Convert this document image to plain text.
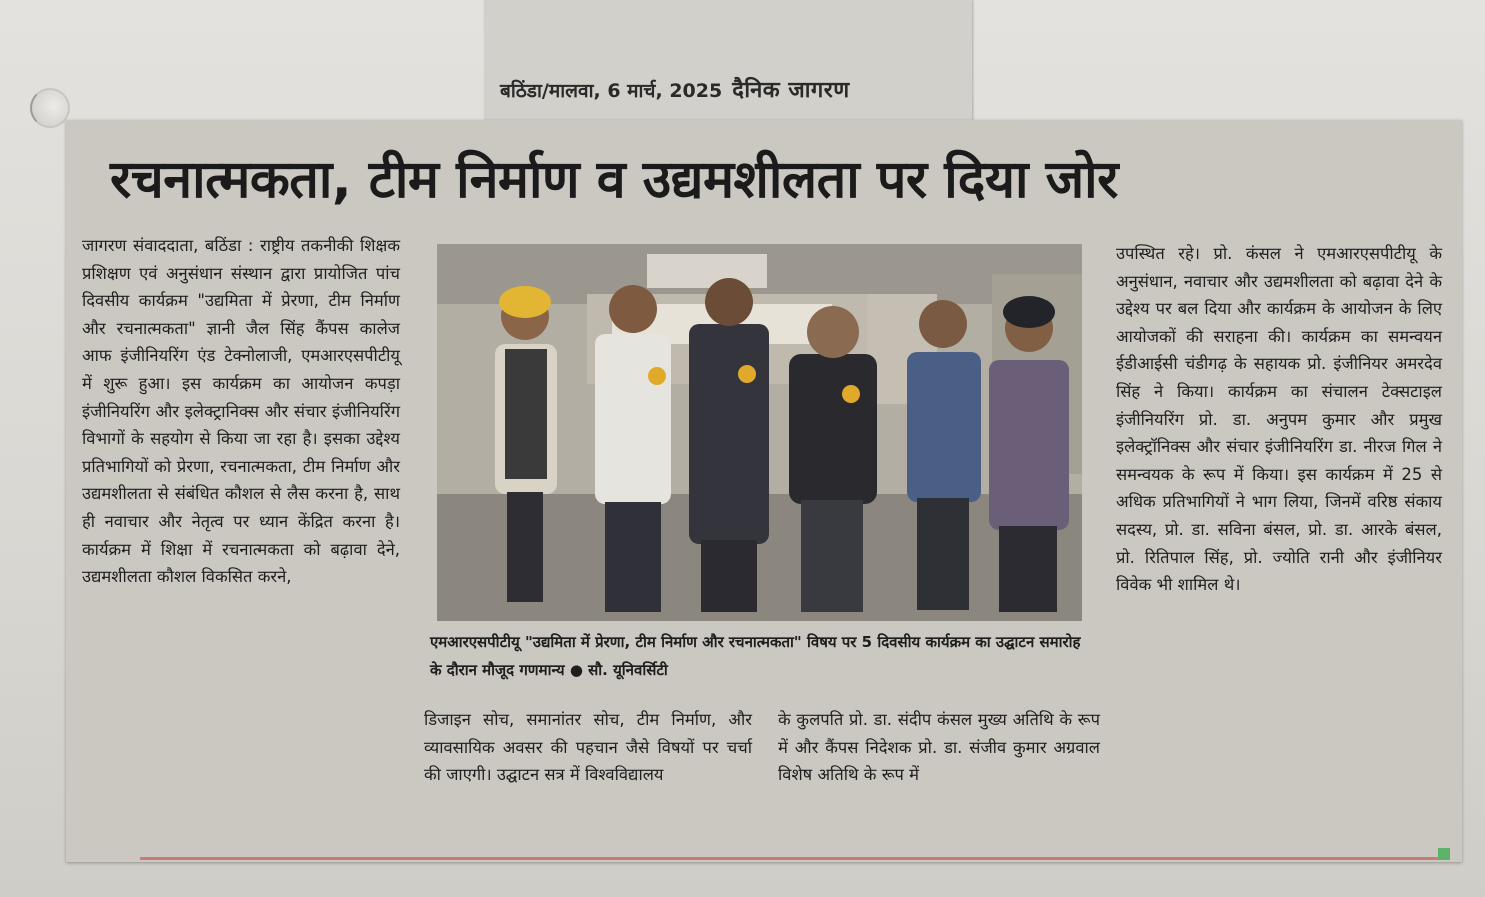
बठिंडा/मालवा, 6 मार्च, 2025 दैनिक जागरण
रचनात्मकता, टीम निर्माण व उद्यमशीलता पर दिया जोर

जागरण संवाददाता, बठिंडा : राष्ट्रीय तकनीकी शिक्षक प्रशिक्षण एवं अनुसंधान संस्थान द्वारा प्रायोजित पांच दिवसीय कार्यक्रम "उद्यमिता में प्रेरणा, टीम निर्माण और रचनात्मकता" ज्ञानी जैल सिंह कैंपस कालेज आफ इंजीनियरिंग एंड टेक्नोलाजी, एमआरएसपीटीयू में शुरू हुआ। इस कार्यक्रम का आयोजन कपड़ा इंजीनियरिंग और इलेक्ट्रानिक्स और संचार इंजीनियरिंग विभागों के सहयोग से किया जा रहा है। इसका उद्देश्य प्रतिभागियों को प्रेरणा, रचनात्मकता, टीम निर्माण और उद्यमशीलता से संबंधित कौशल से लैस करना है, साथ ही नवाचार और नेतृत्व पर ध्यान केंद्रित करना है। कार्यक्रम में शिक्षा में रचनात्मकता को बढ़ावा देने, उद्यमशीलता कौशल विकसित करने,

एमआरएसपीटीयू "उद्यमिता में प्रेरणा, टीम निर्माण और रचनात्मकता" विषय पर 5 दिवसीय कार्यक्रम का उद्घाटन समारोह के दौरान मौजूद गणमान्य ● सौ. यूनिवर्सिटी

डिजाइन सोच, समानांतर सोच, टीम निर्माण, और व्यावसायिक अवसर की पहचान जैसे विषयों पर चर्चा की जाएगी। उद्घाटन सत्र में विश्वविद्यालय

के कुलपति प्रो. डा. संदीप कंसल मुख्य अतिथि के रूप में और कैंपस निदेशक प्रो. डा. संजीव कुमार अग्रवाल विशेष अतिथि के रूप में

उपस्थित रहे। प्रो. कंसल ने एमआरएसपीटीयू के अनुसंधान, नवाचार और उद्यमशीलता को बढ़ावा देने के उद्देश्य पर बल दिया और कार्यक्रम के आयोजन के लिए आयोजकों की सराहना की। कार्यक्रम का समन्वयन ईडीआईसी चंडीगढ़ के सहायक प्रो. इंजीनियर अमरदेव सिंह ने किया। कार्यक्रम का संचालन टेक्सटाइल इंजीनियरिंग प्रो. डा. अनुपम कुमार और प्रमुख इलेक्ट्रॉनिक्स और संचार इंजीनियरिंग डा. नीरज गिल ने समन्वयक के रूप में किया। इस कार्यक्रम में 25 से अधिक प्रतिभागियों ने भाग लिया, जिनमें वरिष्ठ संकाय सदस्य, प्रो. डा. सविना बंसल, प्रो. डा. आरके बंसल, प्रो. रितिपाल सिंह, प्रो. ज्योति रानी और इंजीनियर विवेक भी शामिल थे।
